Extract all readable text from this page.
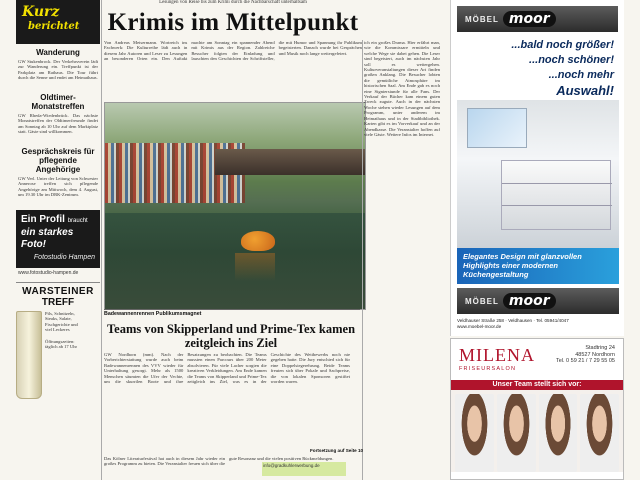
Kurz
berichtet
Wanderung
GW Stukenbrock. Der Verkehrsverein lädt zur Wanderung ein. Treffpunkt ist der Parkplatz am Rathaus. Die Tour führt durch die Senne und endet am Heimathaus.
Oldtimer-Monatstreffen
GW Rheda-Wiedenbrück. Das nächste Monatstreffen der Oldtimerfreunde findet am Sonntag ab 10 Uhr auf dem Marktplatz statt. Gäste sind willkommen.
Gesprächskreis für pflegende Angehörige
GW Verl. Unter der Leitung von Schwester Annerose treffen sich pflegende Angehörige am Mittwoch, dem 4. August, um 19.30 Uhr im DRK-Zentrum.
Ein Profil braucht
ein starkes Foto!
Fotostudio Hampen
www.fotostudio-hampen.de
WARSTEINER
TREFF
Pils, Schnitzeln,
Steaks, Salate,
Fischgerichte und
viel Leckeres
Öffnungszeiten:
täglich ab 17 Uhr
Lesungen von Reise bis zum Krimi durch die Nachbarschaft unterhaltsam
Krimis im Mittelpunkt
Von Andreas Meisermann. Wortreich ins Fachwerk: Die Kulturreihe lädt auch in diesem Jahr Autoren und Leser zu Lesungen an besonderen Orten ein. Den Auftakt machte am Sonntag ein spannender Abend mit Krimis aus der Region. Zahlreiche Besucher folgten der Einladung und lauschten den Geschichten der Schriftsteller, die mit Humor und Spannung ihr Publikum begeisterten. Danach wurde bei Gesprächen und Musik noch lange weitergefeiert.
ich ein großes Drama. Hier erfährt man, wie die Kommissare ermitteln und welche Wege sie dabei gehen. Die Leser sind begeistert, auch im nächsten Jahr soll es weitergehen. Kulturveranstaltungen dieser Art finden großen Anklang. Die Besucher lobten die gemütliche Atmosphäre im historischen Saal. Am Ende gab es noch eine Signierstunde für alle Fans. Der Verkauf der Bücher kam einem guten Zweck zugute. Auch in der nächsten Woche stehen wieder Lesungen auf dem Programm, unter anderem im Heimathaus und in der Stadtbibliothek. Karten gibt es im Vorverkauf und an der Abendkasse. Die Veranstalter hoffen auf viele Gäste. Weitere Infos im Internet.
Badewannenrennen Publikumsmagnet
Teams von Skipperland und Prime-Tex kamen zeitgleich ins Ziel
GW Nordhorn (mm). Nach der Vorberichterstattung wurde auch beim Badewannenrennen des VVV wieder für Unterhaltung gesorgt. Mehr als 1500 Menschen säumten die Ufer der Vechte, um die skurrilen Boote und ihre Besatzungen zu beobachten. Die Teams mussten einen Parcours über 200 Meter absolvieren. Für viele Lacher sorgten die kreativen Verkleidungen. Am Ende kamen die Teams von Skipperland und Prime-Tex zeitgleich ins Ziel, was es in der Geschichte des Wettbewerbs noch nie gegeben hatte. Die Jury entschied sich für eine Doppelsiegerehrung. Beide Teams freuten sich über Pokale und Sachpreise, die von lokalen Sponsoren gestiftet worden waren.
Fortsetzung auf Seite 10
Das Kölner Literaturfestival hat auch in diesem Jahr wieder ein großes Programm zu bieten. Die Veranstalter freuen sich über die gute Resonanz und die vielen positiven Rückmeldungen.
info@gradkuhlerwerbung.de
MÖBEL moor
...bald noch größer!
...noch schöner!
...noch mehr
Auswahl!
Elegantes Design mit glanzvollen
Highlights einer modernen
Küchengestaltung
MÖBEL moor
Veldhauser Straße 258 · Veldhausen · Tel. 05941/4047
www.moebel-moor.de
MILENA
FRISEURSALON
Stadtring 24
48527 Nordhorn
Tel. 0 59 21 / 7 29 55 05
Unser Team stellt sich vor:
